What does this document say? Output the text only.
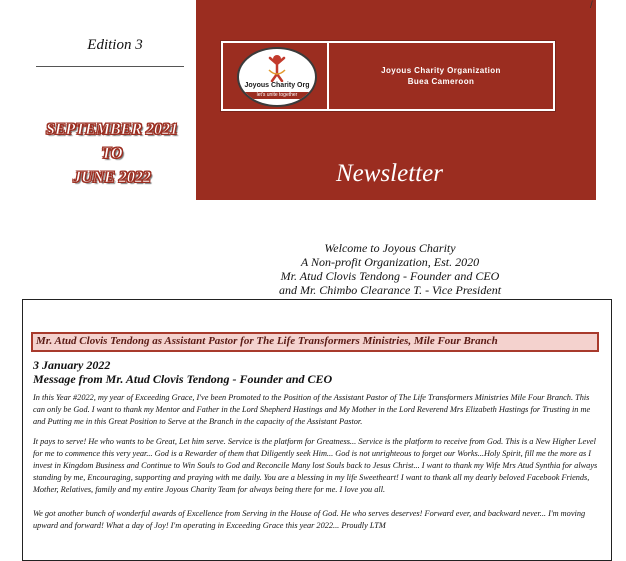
Edition 3
SEPTEMBER 2021
TO
JUNE 2022
Joyous Charity Org
let's unite together
Joyous Charity Organization
Buea Cameroon
Newsletter
/
Welcome to Joyous Charity
A Non-profit Organization, Est. 2020
Mr. Atud Clovis Tendong - Founder and CEO
and Mr. Chimbo Clearance T. - Vice President
Mr. Atud Clovis Tendong as Assistant Pastor for The Life Transformers Ministries, Mile Four Branch
3 January 2022
Message from Mr. Atud Clovis Tendong - Founder and CEO

In this Year #2022, my year of Exceeding Grace, I've been Promoted to the Position of the Assistant Pastor of The Life Transformers Ministries Mile Four Branch. This can only be God. I want to thank my Mentor and Father in the Lord Shepherd Hastings and My Mother in the Lord Reverend Mrs Elizabeth Hastings for Trusting in me and Putting me in this Great Position to Serve at the Branch in the capacity of the Assistant Pastor.

It pays to serve! He who wants to be Great, Let him serve. Service is the platform for Greatness... Service is the platform to receive from God. This is a New Higher Level for me to commence this very year... God is a Rewarder of them that Diligently seek Him... God is not unrighteous to forget our Works...Holy Spirit, fill me the more as I invest in Kingdom Business and Continue to Win Souls to God and Reconcile Many lost Souls back to Jesus Christ... I want to thank my Wife Mrs Atud Synthia for always standing by me, Encouraging, supporting and praying with me daily. You are a blessing in my life Sweetheart! I want to thank all my dearly beloved Facebook Friends, Mother, Relatives, family and my entire Joyous Charity Team for always being there for me. I love you all.

We got another bunch of wonderful awards of Excellence from Serving in the House of God. He who serves deserves! Forward ever, and backward never... I'm moving upward and forward! What a day of Joy! I'm operating in Exceeding Grace this year 2022... Proudly LTM
